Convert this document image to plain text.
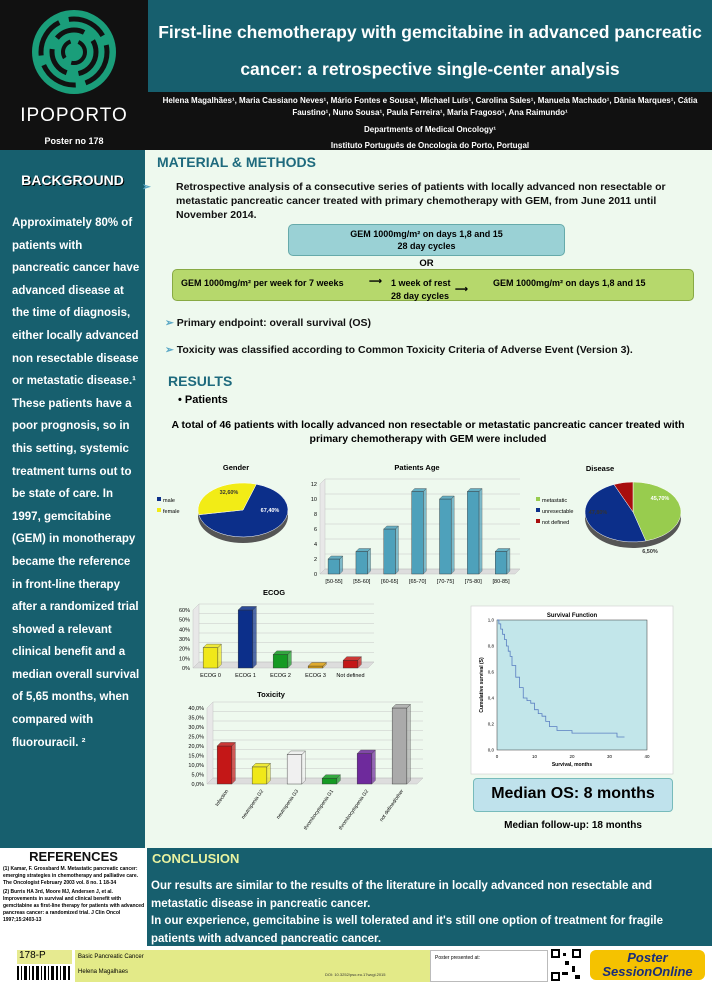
IPOPORTO
Poster no 178
First-line chemotherapy with gemcitabine in advanced pancreatic
cancer: a retrospective single-center analysis
Helena Magalhães¹, Maria Cassiano Neves¹, Mário Fontes e Sousa¹, Michael Luís¹, Carolina Sales¹, Manuela Machado¹, Dânia Marques¹, Cátia Faustino¹, Nuno Sousa¹, Paula Ferreira¹, Maria Fragoso¹, Ana Raimundo¹
Departments of Medical Oncology¹
Instituto Português de Oncologia do Porto, Portugal
BACKGROUND
Approximately 80% of patients with pancreatic cancer have advanced disease at the time of diagnosis, either locally advanced non resectable disease or metastatic disease.¹ These patients have a poor prognosis, so in this setting, systemic treatment turns out to be state of care. In 1997, gemcitabine (GEM) in monotherapy became the reference in front-line therapy after a randomized trial showed a relevant clinical benefit and a median overall survival of 5,65 months, when compared with fluorouracil. ²
MATERIAL & METHODS
➢ Retrospective analysis of a consecutive series of patients with locally advanced non resectable or metastatic pancreatic cancer treated with primary chemotherapy with GEM, from June 2011 until November 2014.
GEM 1000mg/m² on days 1,8 and 15
28 day cycles
OR
GEM 1000mg/m² per week for 7 weeks	⟶ 1 week of rest
⟶
GEM 1000mg/m² on days 1,8 and 15
28 day cycles
➢ Primary endpoint: overall survival (OS)
➢ Toxicity was classified according to Common Toxicity Criteria of Adverse Event (Version 3).
RESULTS
• Patients
A total of 46 patients with locally advanced non resectable or metastatic pancreatic cancer treated with primary chemotherapy with GEM were included
Gender
male
female	67,40%
32,60%
Disease
metastatic
unresectable
not defined
45,70%
47,80%
6,50%
0
2
4
6
8
10
12
[50-55] [55-60] [60-65] [65-70] [70-75] [75-80] [80-85]
Patients Age
0%
10%
20%
30%
40%
50%
60%
ECOG 0	ECOG 1	ECOG 2	ECOG 3 Not defined
ECOG
0,0%
5,0%
10,0%
15,0%
20,0%
25,0%
30,0%
35,0%
40,0%
Infection neutropenia G2 neutropenia G3 thrombocytopenia G1 thrombocytopenia G2 not defined/other
Toxicity
Survival Function
0	10	20	30	40
0,0
0,2
0,4
0,6
0,8
1,0
Survival, months
Cumulative survival (S)
Median OS: 8 months
Median follow-up: 18 months
REFERENCES
(1) Kamar, F. Grossbard M. Metastatic pancreatic cancer: emerging strategies in chemotherapy and palliative care. The Oncologist February 2003 vol. 8 no. 1 18-34
(2) Burris HA 3rd, Moore MJ, Andersen J, et al. Improvements in survival and clinical benefit with gemcitabine as first-line therapy for patients with advanced pancreas cancer: a randomized trial. J Clin Oncol 1997;15:2403-13
CONCLUSION
Our results are similar to the results of the literature in locally advanced non resectable and metastatic disease in pancreatic cancer.
In our experience, gemcitabine is well tolerated and it's still one option of treatment for fragile patients with advanced pancreatic cancer.
178-P	Basic Pancreatic Cancer
Helena Magalhaes	DOI: 10.3252/pso.eu.17wcgi.2015
Poster presented at:	Poster SessionOnline
